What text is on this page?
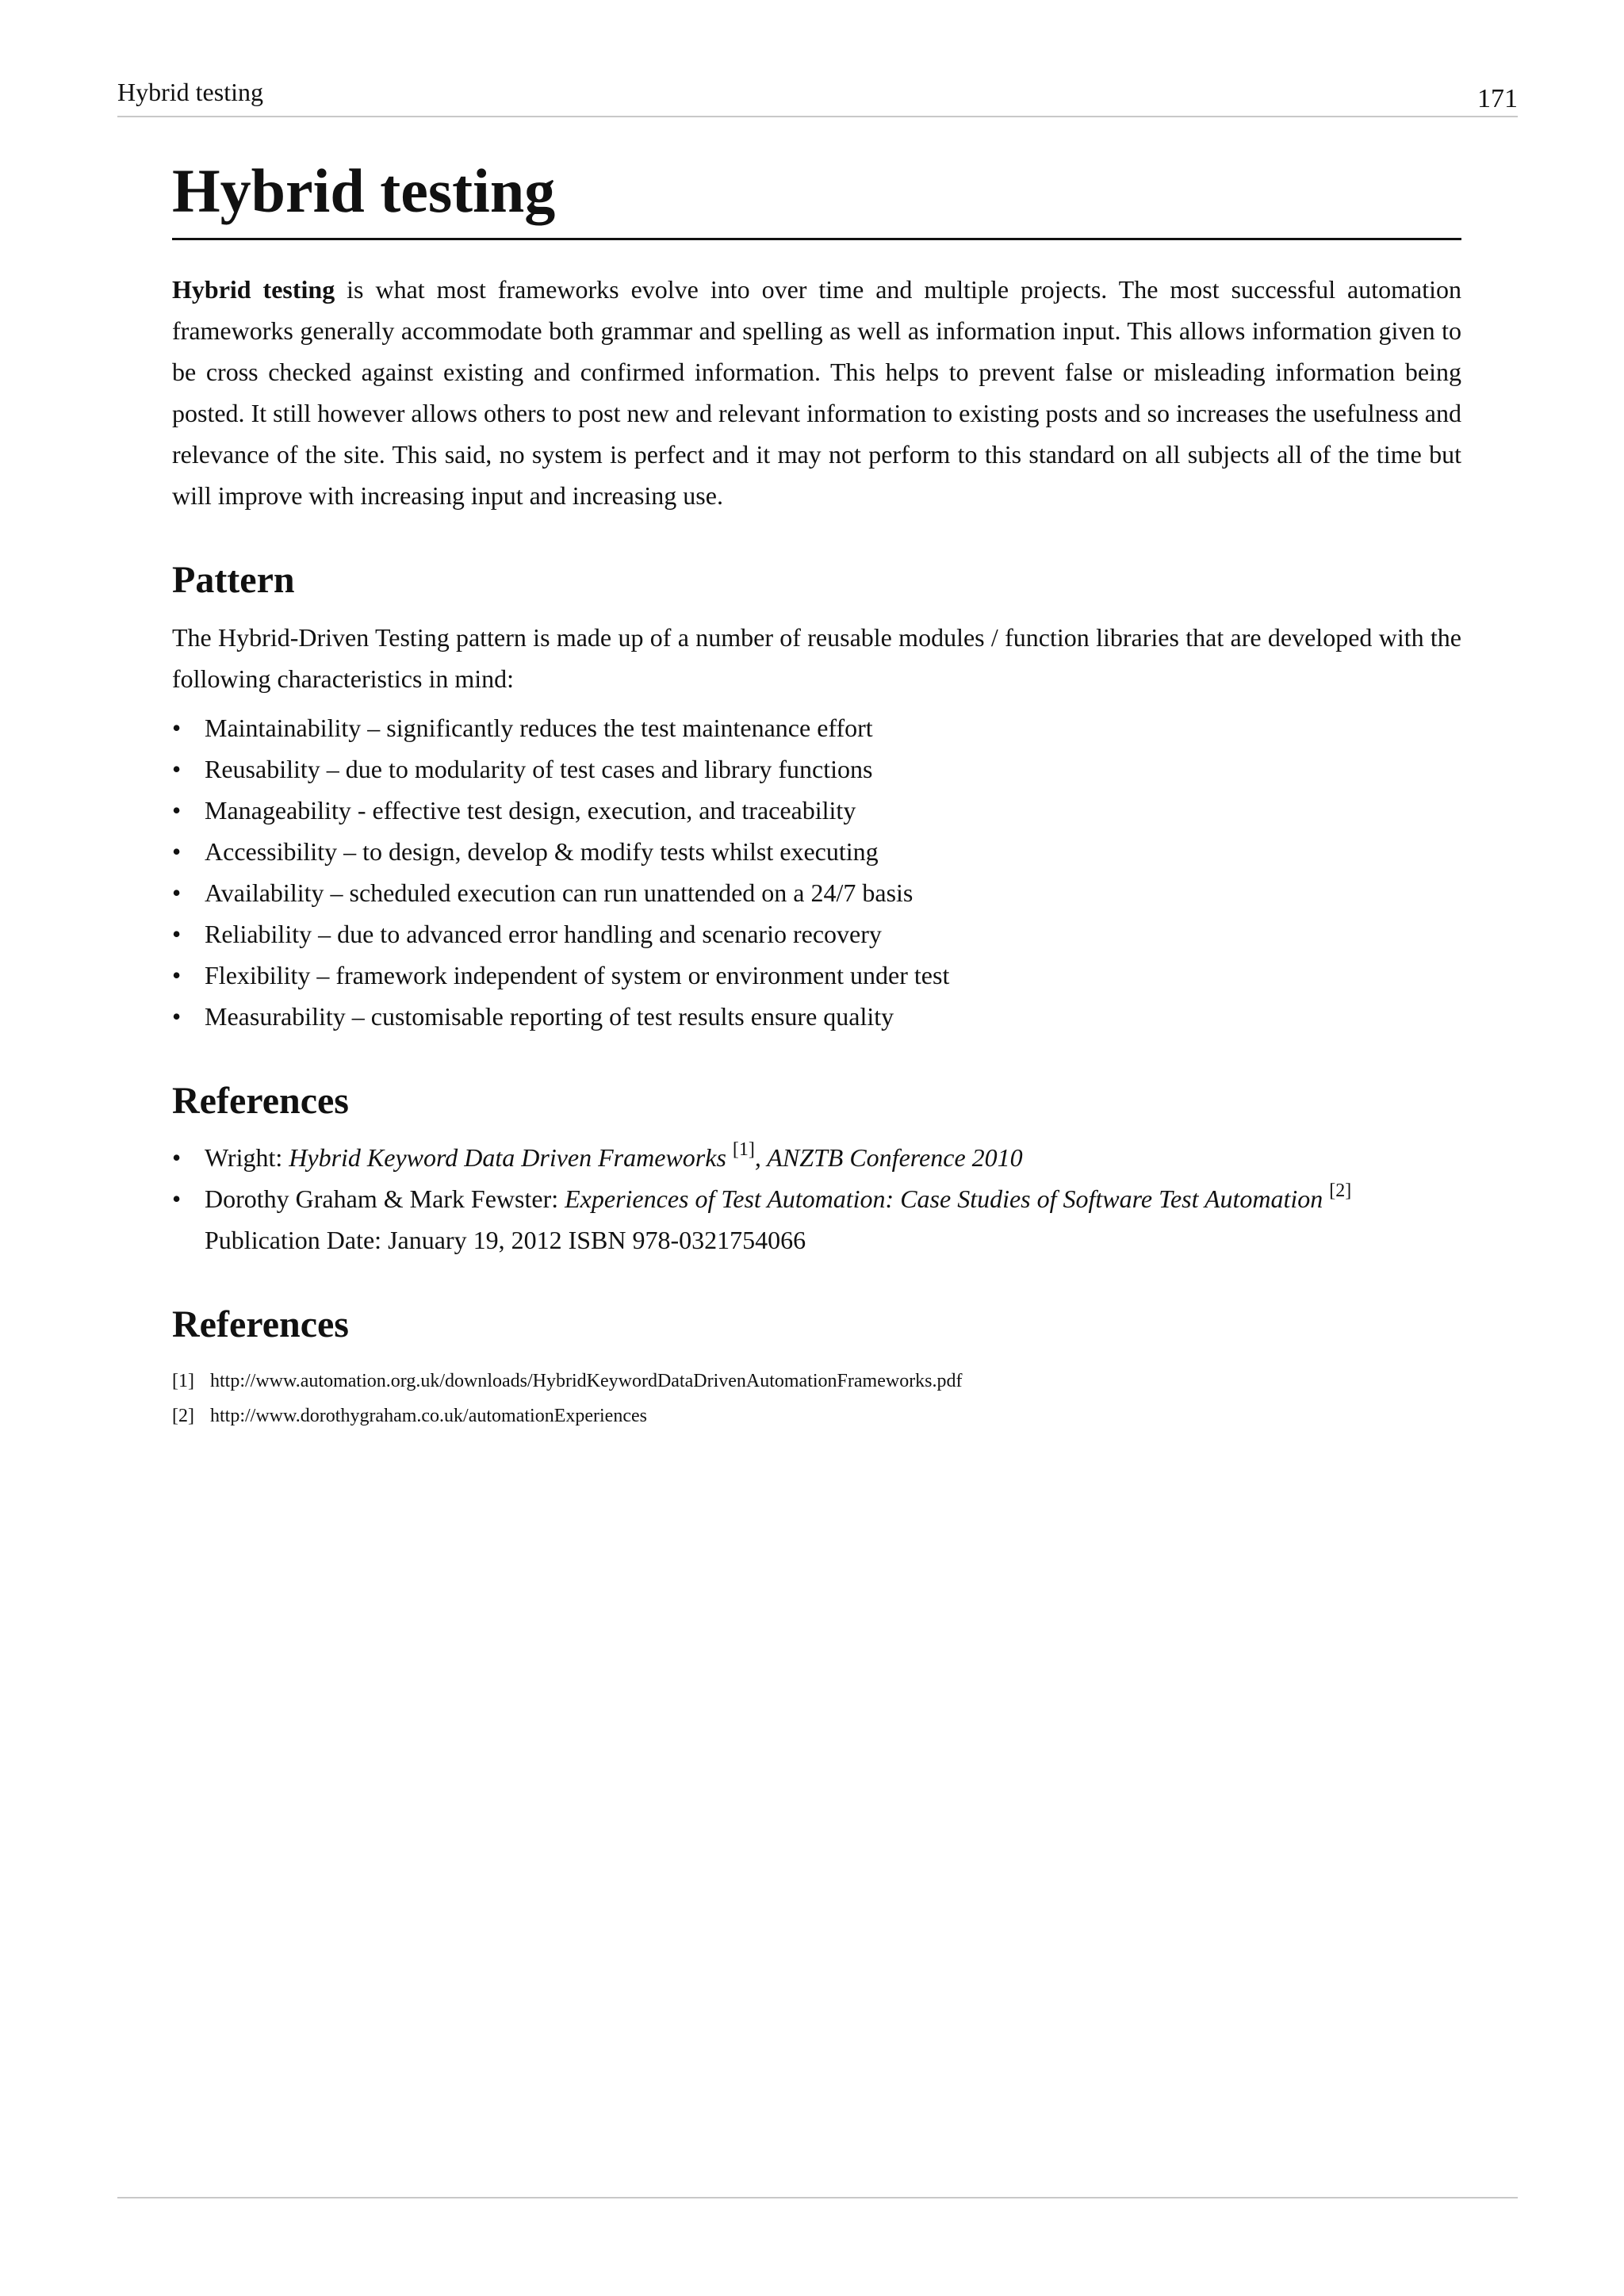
Hybrid testing	171
Hybrid testing

Hybrid testing is what most frameworks evolve into over time and multiple projects. The most successful automation frameworks generally accommodate both grammar and spelling as well as information input. This allows information given to be cross checked against existing and confirmed information. This helps to prevent false or misleading information being posted. It still however allows others to post new and relevant information to existing posts and so increases the usefulness and relevance of the site. This said, no system is perfect and it may not perform to this standard on all subjects all of the time but will improve with increasing input and increasing use.

Pattern

The Hybrid-Driven Testing pattern is made up of a number of reusable modules / function libraries that are developed with the following characteristics in mind:

• Maintainability – significantly reduces the test maintenance effort
• Reusability – due to modularity of test cases and library functions
• Manageability - effective test design, execution, and traceability
• Accessibility – to design, develop & modify tests whilst executing
• Availability – scheduled execution can run unattended on a 24/7 basis
• Reliability – due to advanced error handling and scenario recovery
• Flexibility – framework independent of system or environment under test
• Measurability – customisable reporting of test results ensure quality
References
• Wright: Hybrid Keyword Data Driven Frameworks [1], ANZTB Conference 2010
• Dorothy Graham & Mark Fewster: Experiences of Test Automation: Case Studies of Software Test Automation [2]
Publication Date: January 19, 2012 ISBN 978-0321754066
References
[1] http://www.automation.org.uk/downloads/HybridKeywordDataDrivenAutomationFrameworks.pdf
[2] http://www.dorothygraham.co.uk/automationExperiences
